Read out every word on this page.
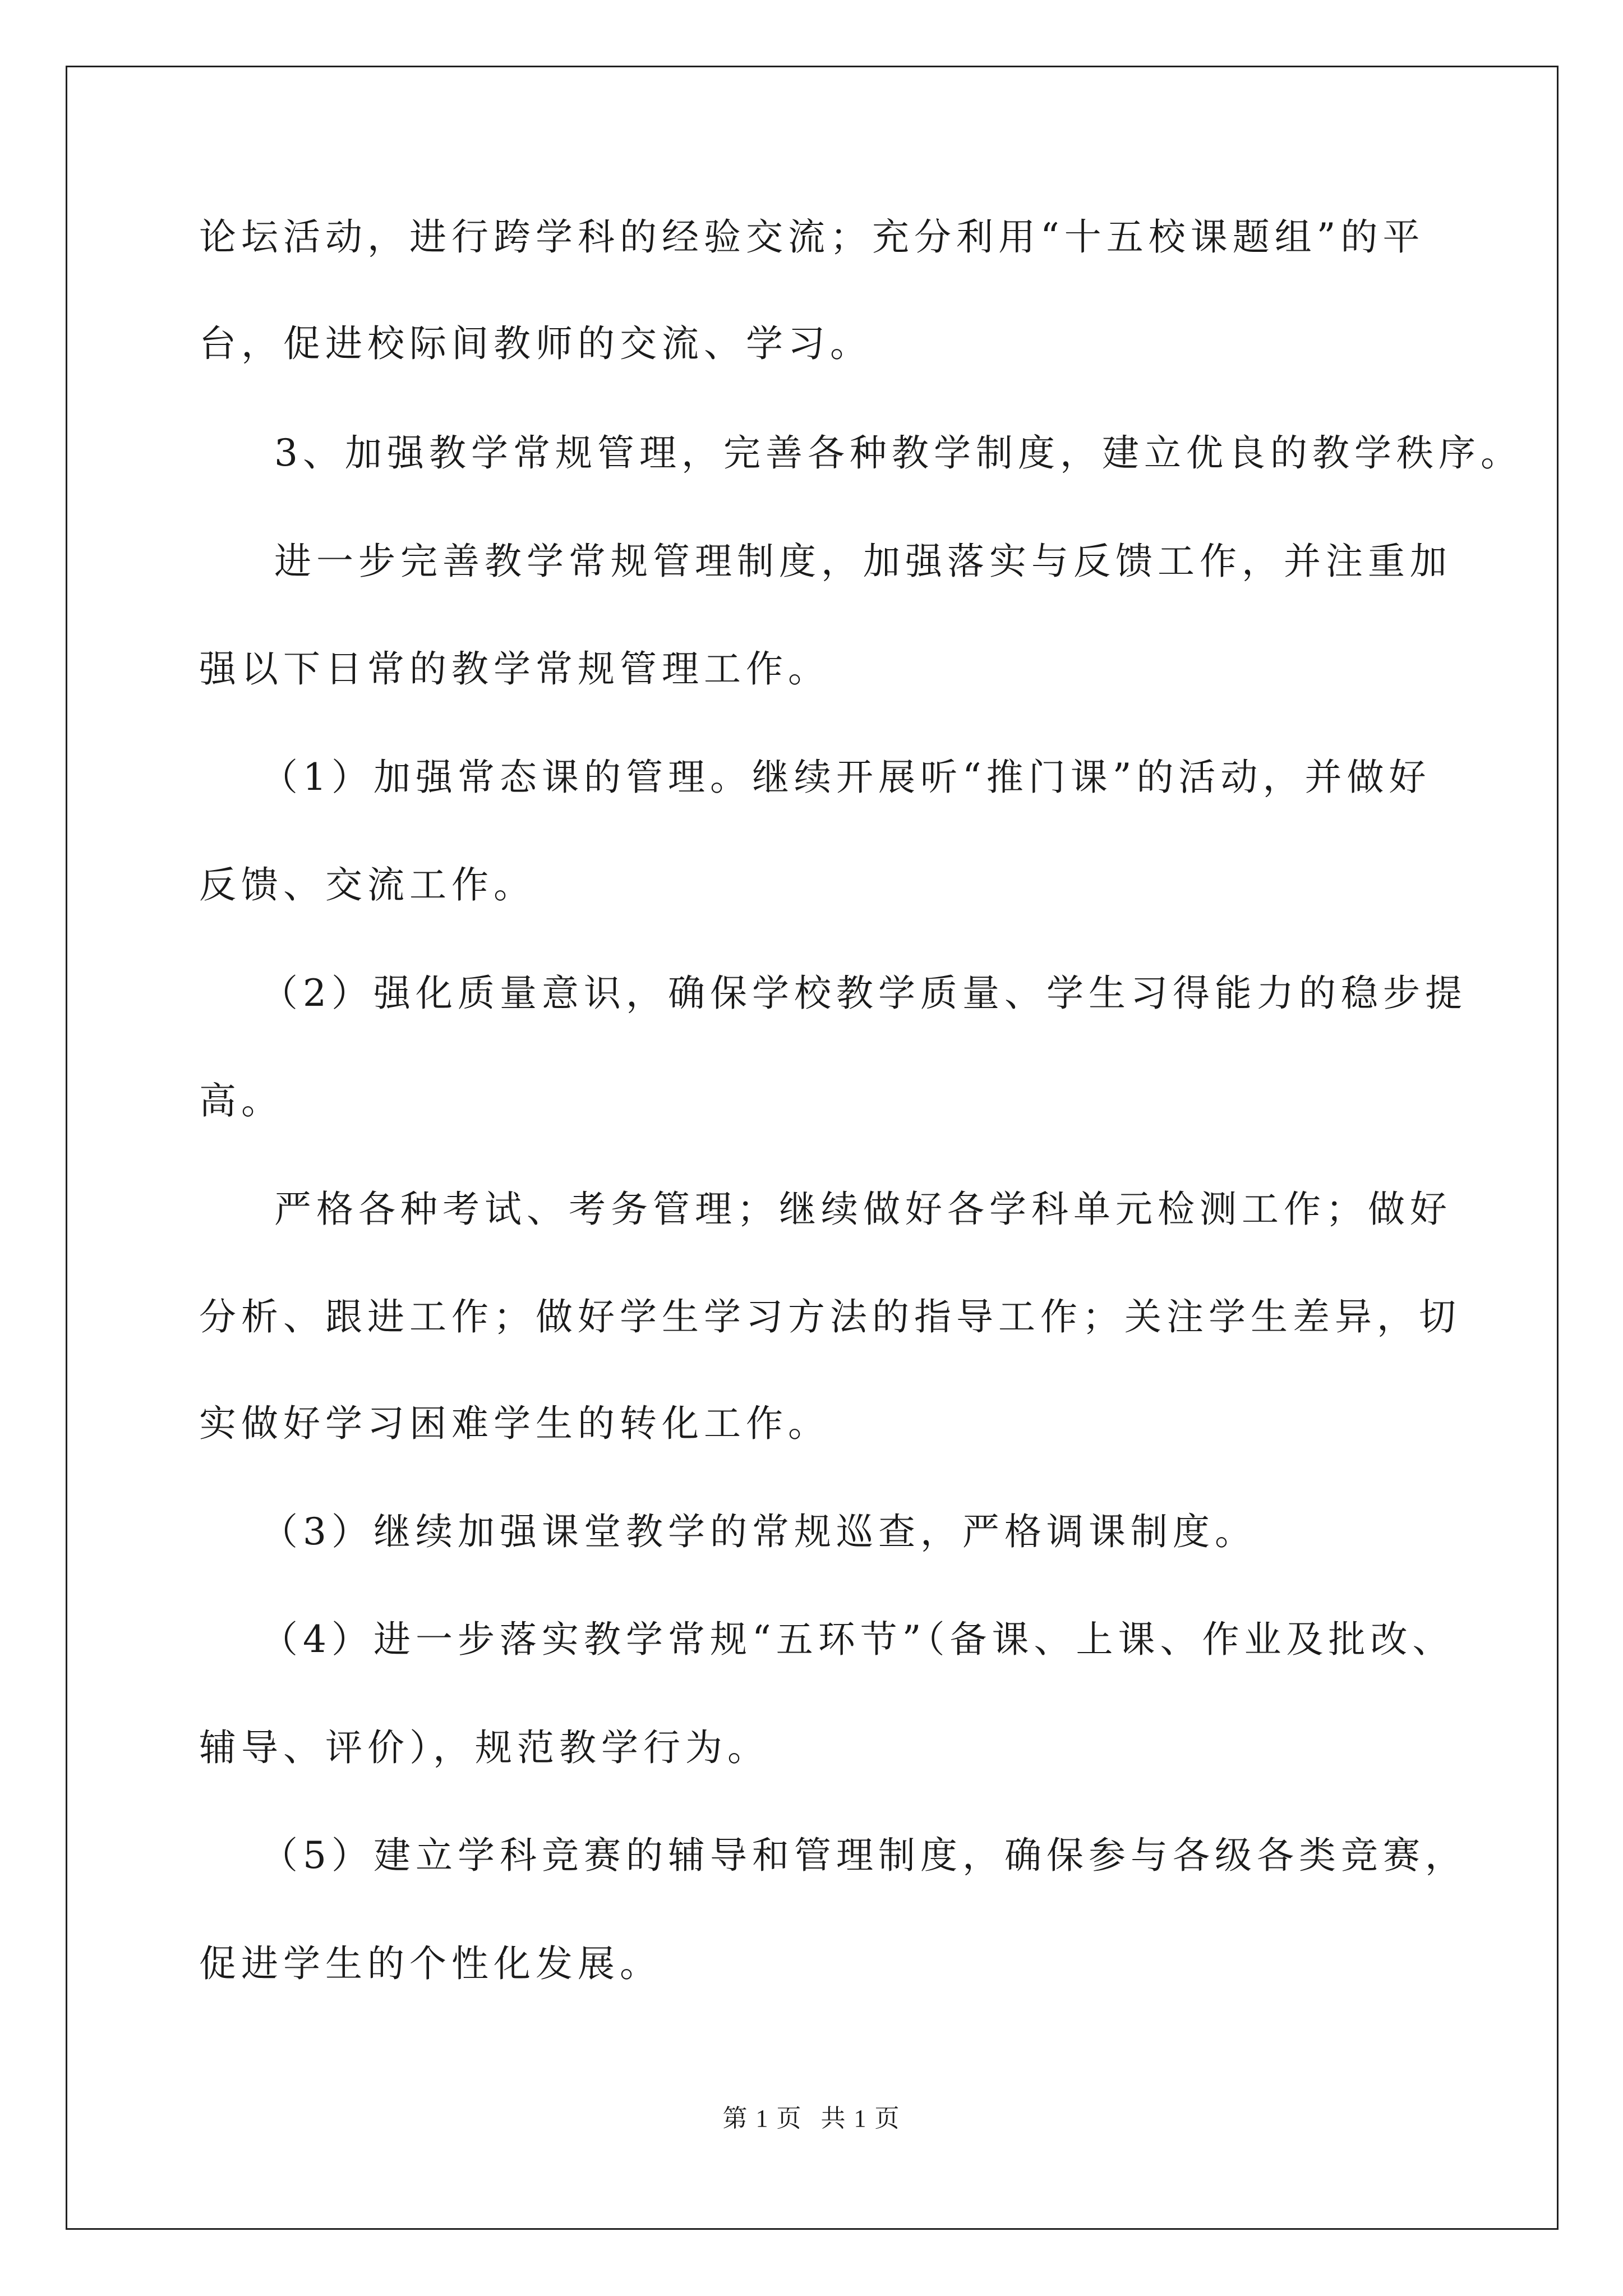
论坛活动，进行跨学科的经验交流；充分利用“十五校课题组”的平
台，促进校际间教师的交流、学习。
3、加强教学常规管理，完善各种教学制度，建立优良的教学秩序。
进一步完善教学常规管理制度，加强落实与反馈工作，并注重加
强以下日常的教学常规管理工作。
（1）加强常态课的管理。继续开展听“推门课”的活动，并做好
反馈、交流工作。
（2）强化质量意识，确保学校教学质量、学生习得能力的稳步提
高。
严格各种考试、考务管理；继续做好各学科单元检测工作；做好
分析、跟进工作；做好学生学习方法的指导工作；关注学生差异，切
实做好学习困难学生的转化工作。
（3）继续加强课堂教学的常规巡查，严格调课制度。
（4）进一步落实教学常规“五环节”（备课、上课、作业及批改、
辅导、评价），规范教学行为。
（5）建立学科竞赛的辅导和管理制度，确保参与各级各类竞赛，
促进学生的个性化发展。
第 1 页 共 1 页
